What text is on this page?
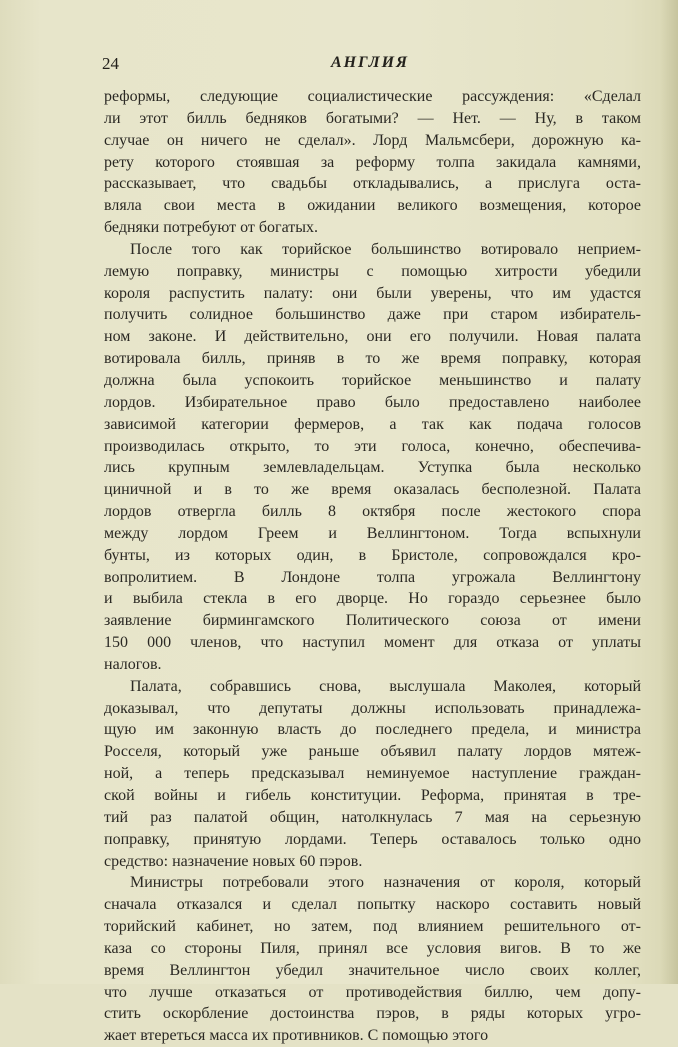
24	АНГЛИЯ
реформы, следующие социалистические рассуждения: «Сделал
ли этот билль бедняков богатыми? — Нет. — Ну, в таком
случае он ничего не сделал». Лорд Мальмсбери, дорожную ка-
рету которого стоявшая за реформу толпа закидала камнями,
рассказывает, что свадьбы откладывались, а прислуга оста-
вляла свои места в ожидании великого возмещения, которое
бедняки потребуют от богатых.
После того как торийское большинство вотировало неприем-
лемую поправку, министры с помощью хитрости убедили
короля распустить палату: они были уверены, что им удастся
получить солидное большинство даже при старом избиратель-
ном законе. И действительно, они его получили. Новая палата
вотировала билль, приняв в то же время поправку, которая
должна была успокоить торийское меньшинство и палату
лордов. Избирательное право было предоставлено наиболее
зависимой категории фермеров, а так как подача голосов
производилась открыто, то эти голоса, конечно, обеспечива-
лись крупным землевладельцам. Уступка была несколько
циничной и в то же время оказалась бесполезной. Палата
лордов отвергла билль 8 октября после жестокого спора
между лордом Греем и Веллингтоном. Тогда вспыхнули
бунты, из которых один, в Бристоле, сопровождался кро-
вопролитием. В Лондоне толпа угрожала Веллингтону
и выбила стекла в его дворце. Но гораздо серьезнее было
заявление бирмингамского Политического союза от имени
150 000 членов, что наступил момент для отказа от уплаты
налогов.
Палата, собравшись снова, выслушала Маколея, который
доказывал, что депутаты должны использовать принадлежа-
щую им законную власть до последнего предела, и министра
Росселя, который уже раньше объявил палату лордов мятеж-
ной, а теперь предсказывал неминуемое наступление граждан-
ской войны и гибель конституции. Реформа, принятая в тре-
тий раз палатой общин, натолкнулась 7 мая на серьезную
поправку, принятую лордами. Теперь оставалось только одно
средство: назначение новых 60 пэров.
Министры потребовали этого назначения от короля, который
сначала отказался и сделал попытку наскоро составить новый
торийский кабинет, но затем, под влиянием решительного от-
каза со стороны Пиля, принял все условия вигов. В то же
время Веллингтон убедил значительное число своих коллег,
что лучше отказаться от противодействия биллю, чем допу-
стить оскорбление достоинства пэров, в ряды которых угро-
жает втереться масса их противников. С помощью этого
